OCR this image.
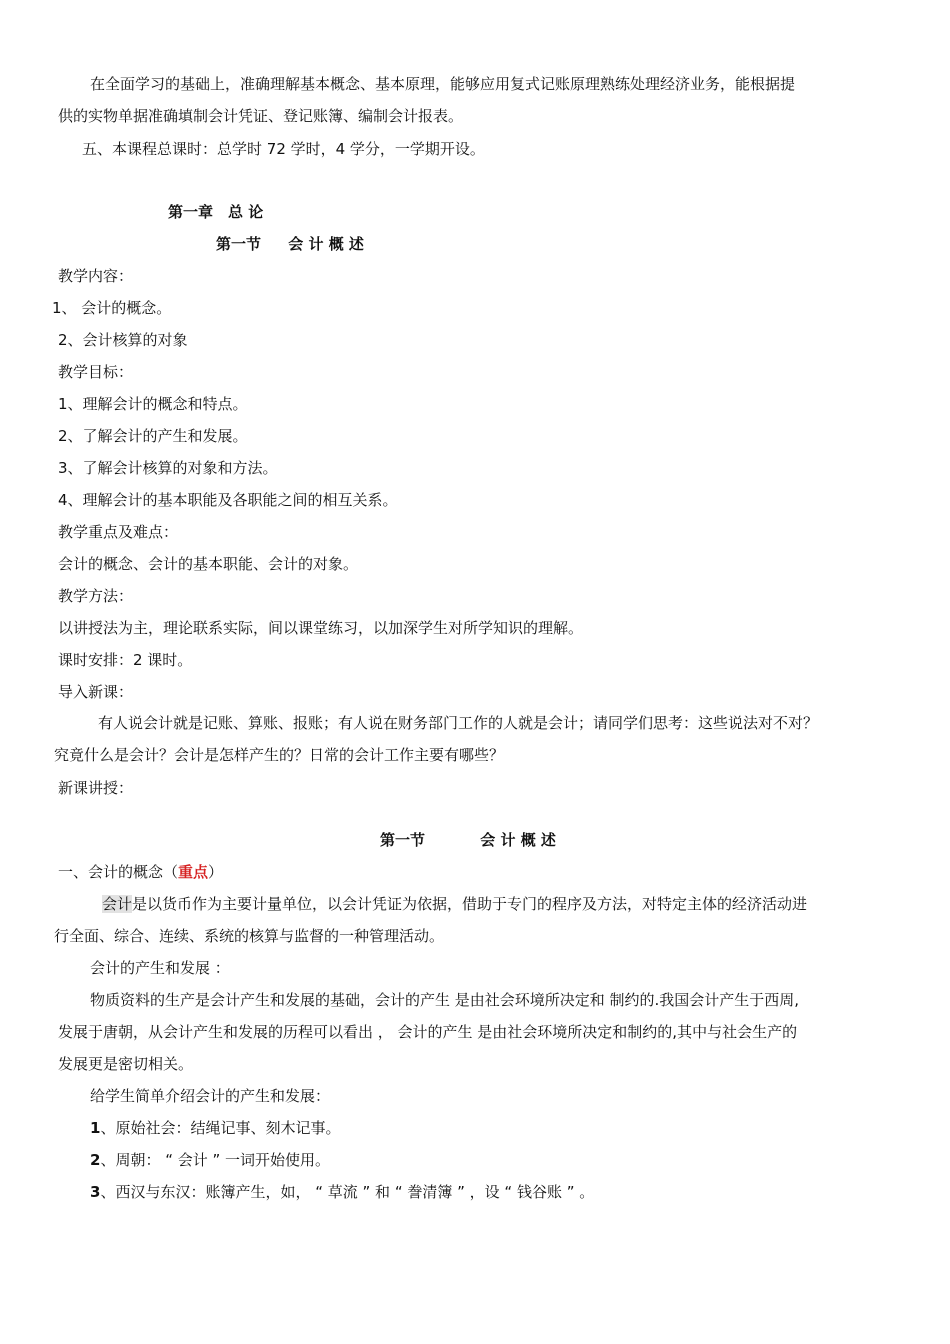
在全面学习的基础上，准确理解基本概念、基本原理，能够应用复式记账原理熟练处理经济业务，能根据提
供的实物单据准确填制会计凭证、登记账簿、编制会计报表。
五、本课程总课时：总学时 72 学时，4 学分，一学期开设。
第一章　总 论
第一节 会 计 概 述
教学内容：
1、 会计的概念。
2、会计核算的对象
教学目标：
1、理解会计的概念和特点。
2、了解会计的产生和发展。
3、了解会计核算的对象和方法。
4、理解会计的基本职能及各职能之间的相互关系。
教学重点及难点：
会计的概念、会计的基本职能、会计的对象。
教学方法：
以讲授法为主，理论联系实际，间以课堂练习，以加深学生对所学知识的理解。
课时安排：2 课时。
导入新课：
有人说会计就是记账、算账、报账；有人说在财务部门工作的人就是会计；请同学们思考：这些说法对不对？
究竟什么是会计？会计是怎样产生的？日常的会计工作主要有哪些？
新课讲授：
第一节	会 计 概 述
一、会计的概念（重点）
会计是以货币作为主要计量单位，以会计凭证为依据，借助于专门的程序及方法，对特定主体的经济活动进
行全面、综合、连续、系统的核算与监督的一种管理活动。
会计的产生和发展 ：
物质资料的生产是会计产生和发展的基础，会计的产生 是由社会环境所决定和 制约的.我国会计产生于西周,
发展于唐朝，从会计产生和发展的历程可以看出 ， 会计的产生 是由社会环境所决定和制约的,其中与社会生产的
发展更是密切相关。
给学生简单介绍会计的产生和发展：
1、原始社会：结绳记事、刻木记事。
2、周朝： “ 会计 ” 一词开始使用。
3、西汉与东汉：账簿产生，如， “ 草流 ” 和 “ 誊清簿 ” ，设 “ 钱谷账 ” 。
